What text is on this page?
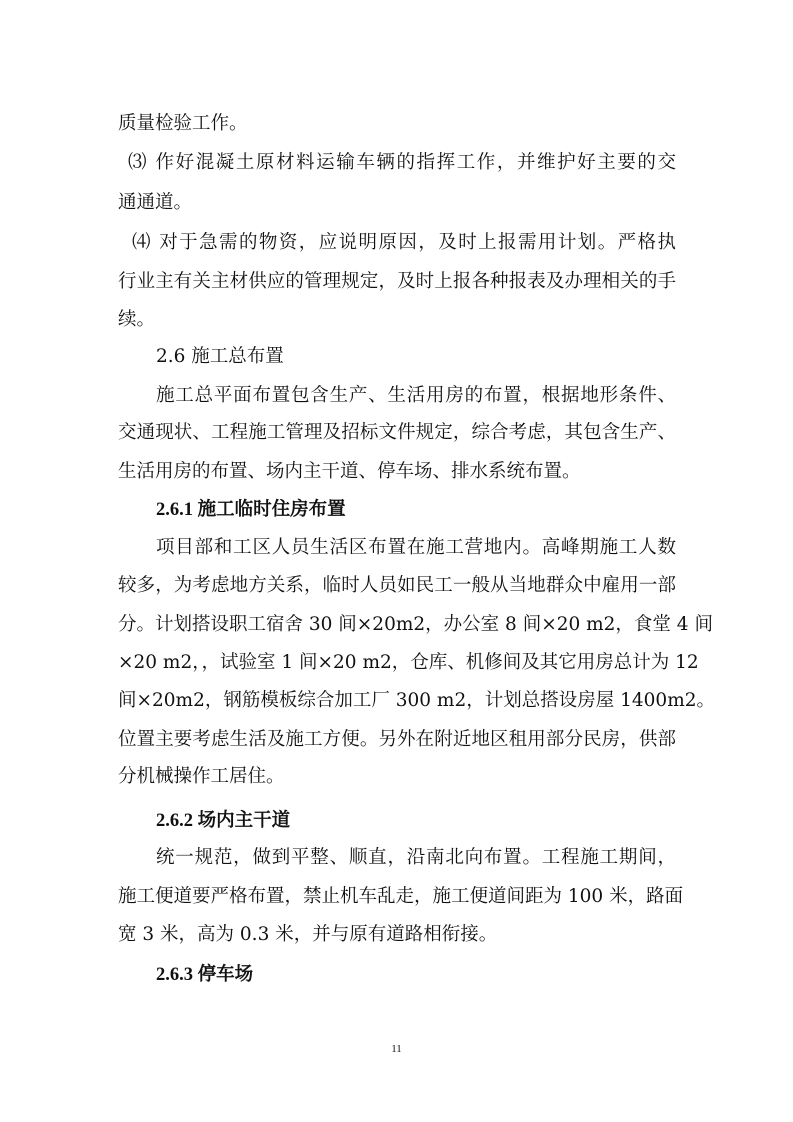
质量检验工作。
⑶ 作好混凝土原材料运输车辆的指挥工作，并维护好主要的交
通通道。
⑷ 对于急需的物资，应说明原因，及时上报需用计划。严格执
行业主有关主材供应的管理规定，及时上报各种报表及办理相关的手
续。
2.6 施工总布置
施工总平面布置包含生产、生活用房的布置，根据地形条件、
交通现状、工程施工管理及招标文件规定，综合考虑，其包含生产、
生活用房的布置、场内主干道、停车场、排水系统布置。
2.6.1 施工临时住房布置
项目部和工区人员生活区布置在施工营地内。高峰期施工人数
较多，为考虑地方关系，临时人员如民工一般从当地群众中雇用一部
分。计划搭设职工宿舍 30 间×20m2，办公室 8 间×20 m2，食堂 4 间
×20 m2，，试验室 1 间×20 m2，仓库、机修间及其它用房总计为 12
间×20m2，钢筋模板综合加工厂 300 m2，计划总搭设房屋 1400m2。
位置主要考虑生活及施工方便。另外在附近地区租用部分民房，供部
分机械操作工居住。
2.6.2 场内主干道
统一规范，做到平整、顺直，沿南北向布置。工程施工期间，
施工便道要严格布置，禁止机车乱走，施工便道间距为 100 米，路面
宽 3 米，高为 0.3 米，并与原有道路相衔接。
2.6.3 停车场
11
